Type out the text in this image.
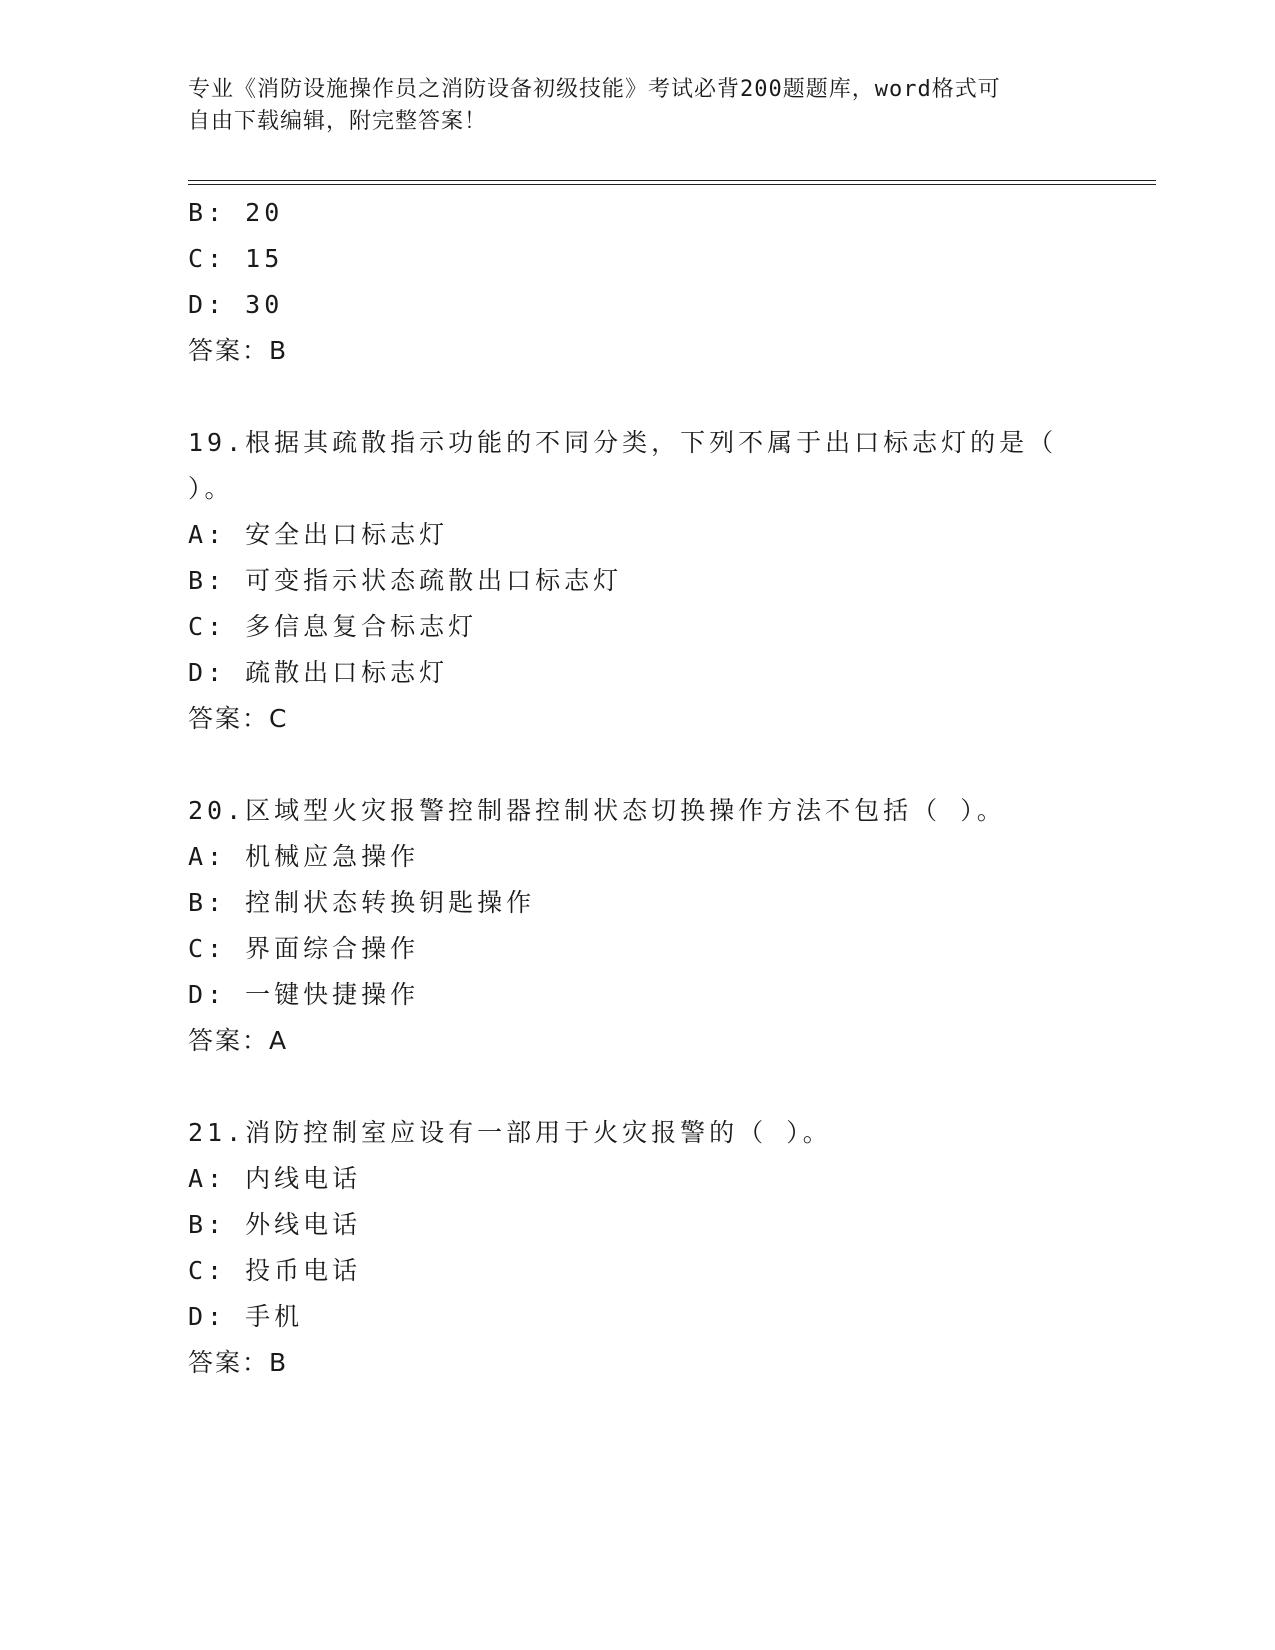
专业《消防设施操作员之消防设备初级技能》考试必背200题题库，word格式可
自由下载编辑，附完整答案！
B: 20
C: 15
D: 30
答案：B
19.根据其疏散指示功能的不同分类，下列不属于出口标志灯的是（
）。
A: 安全出口标志灯
B: 可变指示状态疏散出口标志灯
C: 多信息复合标志灯
D: 疏散出口标志灯
答案：C
20.区域型火灾报警控制器控制状态切换操作方法不包括（ ）。
A: 机械应急操作
B: 控制状态转换钥匙操作
C: 界面综合操作
D: 一键快捷操作
答案：A
21.消防控制室应设有一部用于火灾报警的（ ）。
A: 内线电话
B: 外线电话
C: 投币电话
D: 手机
答案：B
